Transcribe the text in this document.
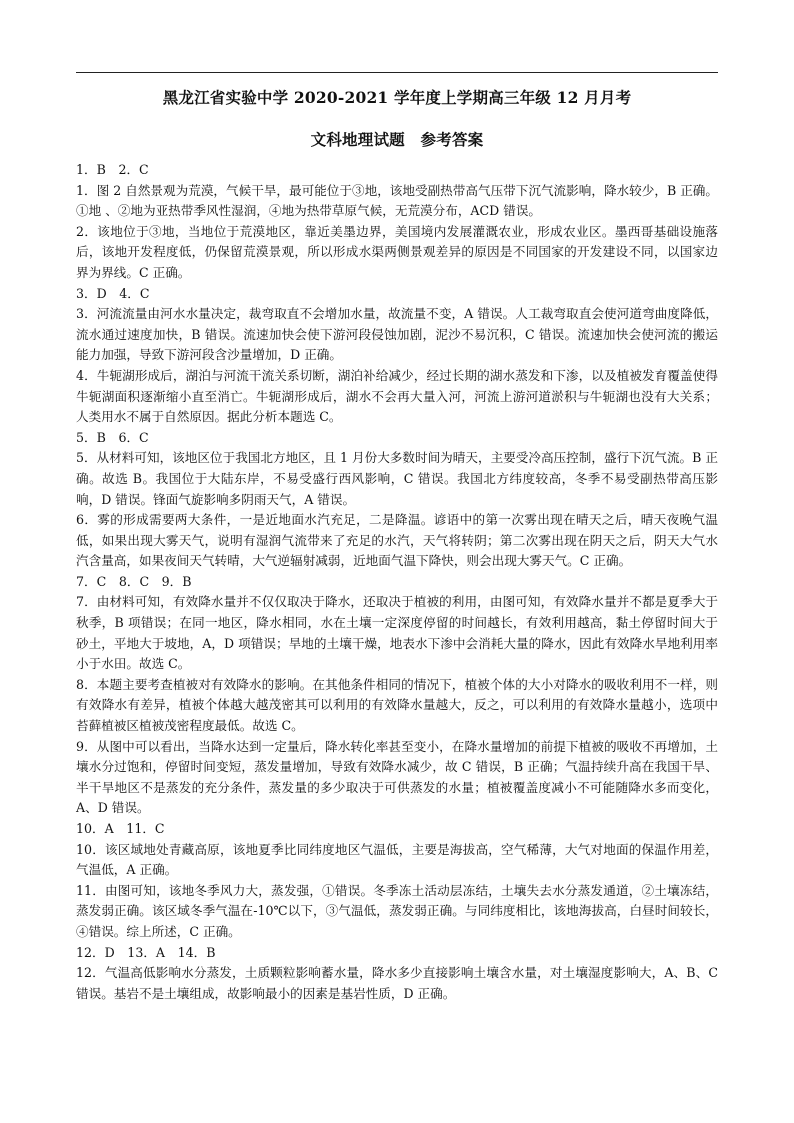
黑龙江省实验中学 2020-2021 学年度上学期高三年级 12 月月考
文科地理试题　参考答案

1．B　2．C

1．图 2 自然景观为荒漠，气候干旱，最可能位于③地，该地受副热带高气压带下沉气流影响，降水较少，B 正确。①地 、②地为亚热带季风性湿润，④地为热带草原气候，无荒漠分布，ACD 错误。

2．该地位于③地，当地位于荒漠地区，靠近美墨边界，美国境内发展灌溉农业，形成农业区。墨西哥基础设施落后，该地开发程度低，仍保留荒漠景观，所以形成水渠两侧景观差异的原因是不同国家的开发建设不同，以国家边界为界线。C 正确。

3．D　4．C

3．河流流量由河水水量决定，裁弯取直不会增加水量，故流量不变，A 错误。人工裁弯取直会使河道弯曲度降低，流水通过速度加快，B 错误。流速加快会使下游河段侵蚀加剧，泥沙不易沉积，C 错误。流速加快会使河流的搬运能力加强，导致下游河段含沙量增加，D 正确。

4．牛轭湖形成后，湖泊与河流干流关系切断，湖泊补给减少，经过长期的湖水蒸发和下渗，以及植被发育覆盖使得牛轭湖面积逐渐缩小直至消亡。牛轭湖形成后，湖水不会再大量入河，河流上游河道淤积与牛轭湖也没有大关系；人类用水不属于自然原因。据此分析本题选 C。

5．B　6．C

5．从材料可知，该地区位于我国北方地区，且 1 月份大多数时间为晴天，主要受冷高压控制，盛行下沉气流。B 正确。故选 B。我国位于大陆东岸，不易受盛行西风影响，C 错误。我国北方纬度较高，冬季不易受副热带高压影响，D 错误。锋面气旋影响多阴雨天气，A 错误。

6．雾的形成需要两大条件，一是近地面水汽充足，二是降温。谚语中的第一次雾出现在晴天之后，晴天夜晚气温低，如果出现大雾天气，说明有湿润气流带来了充足的水汽，天气将转阴；第二次雾出现在阴天之后，阴天大气水汽含量高，如果夜间天气转晴，大气逆辐射减弱，近地面气温下降快，则会出现大雾天气。C 正确。

7．C　8．C　9．B

7．由材料可知，有效降水量并不仅仅取决于降水，还取决于植被的利用，由图可知，有效降水量并不都是夏季大于秋季，B 项错误；在同一地区，降水相同，水在土壤一定深度停留的时间越长，有效利用越高，黏土停留时间大于砂土，平地大于坡地，A，D 项错误；旱地的土壤干燥，地表水下渗中会消耗大量的降水，因此有效降水旱地利用率小于水田。故选 C。

8．本题主要考查植被对有效降水的影响。在其他条件相同的情况下，植被个体的大小对降水的吸收利用不一样，则有效降水有差异，植被个体越大越茂密其可以利用的有效降水量越大，反之，可以利用的有效降水量越小，选项中苔藓植被区植被茂密程度最低。故选 C。

9．从图中可以看出，当降水达到一定量后，降水转化率甚至变小，在降水量增加的前提下植被的吸收不再增加，土壤水分过饱和，停留时间变短，蒸发量增加，导致有效降水减少，故 C 错误，B 正确；气温持续升高在我国干旱、半干旱地区不是蒸发的充分条件，蒸发量的多少取决于可供蒸发的水量；植被覆盖度减小不可能随降水多而变化，A、D 错误。

10．A　11．C

10．该区域地处青藏高原，该地夏季比同纬度地区气温低，主要是海拔高，空气稀薄，大气对地面的保温作用差，气温低，A 正确。

11．由图可知，该地冬季风力大，蒸发强，①错误。冬季冻土活动层冻结，土壤失去水分蒸发通道，②土壤冻结，蒸发弱正确。该区域冬季气温在-10℃以下，③气温低，蒸发弱正确。与同纬度相比，该地海拔高，白昼时间较长，④错误。综上所述，C 正确。

12．D　13．A　14．B

12．气温高低影响水分蒸发，土质颗粒影响蓄水量，降水多少直接影响土壤含水量，对土壤湿度影响大，A、B、C 错误。基岩不是土壤组成，故影响最小的因素是基岩性质，D 正确。
